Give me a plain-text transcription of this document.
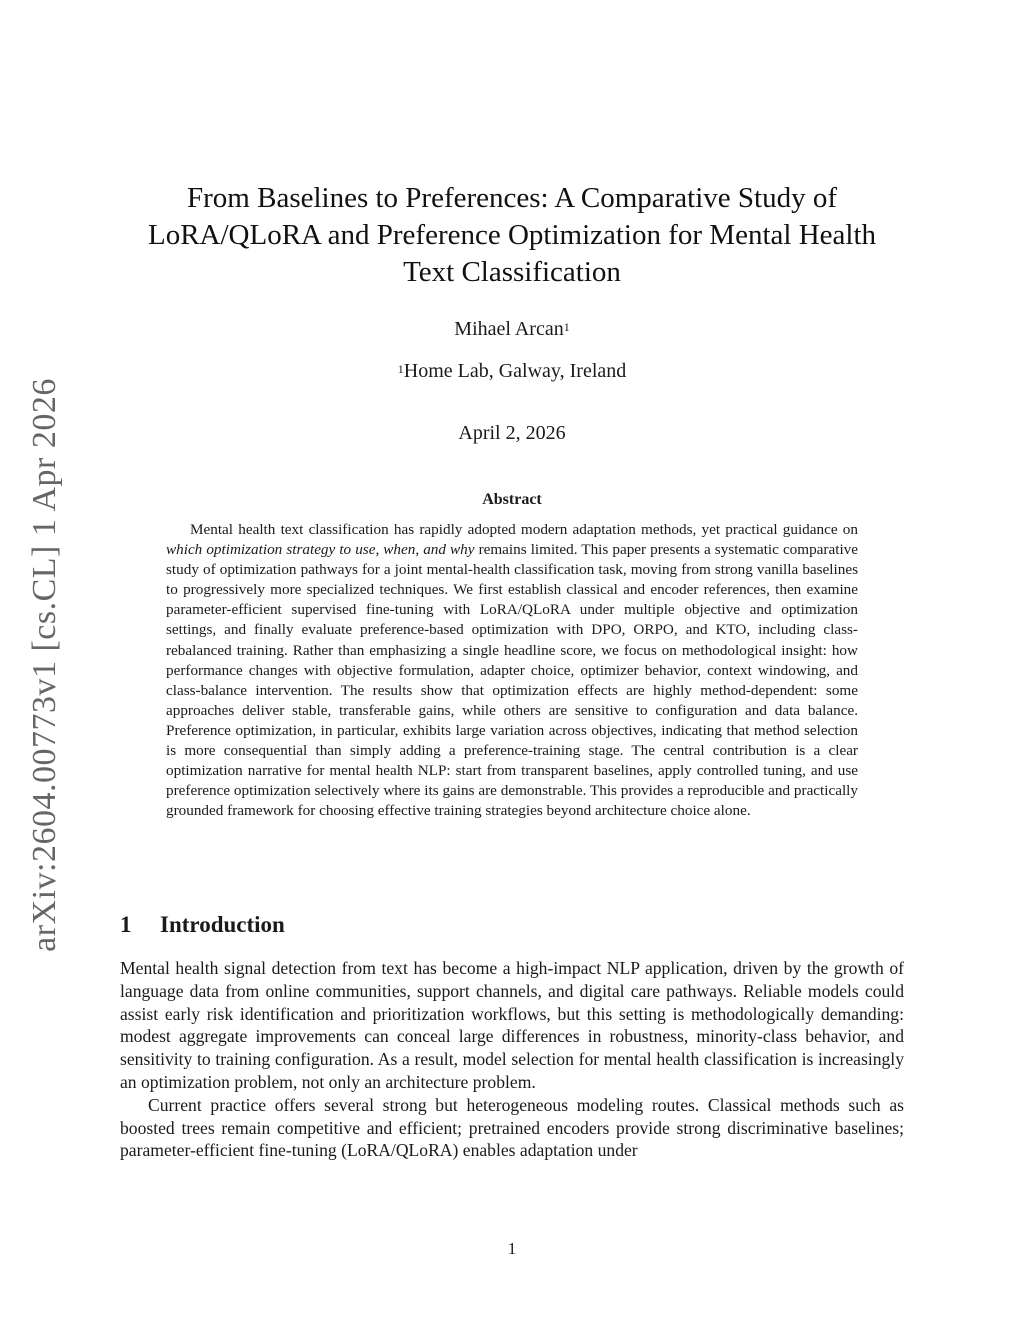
arXiv:2604.00773v1 [cs.CL] 1 Apr 2026
From Baselines to Preferences: A Comparative Study of
LoRA/QLoRA and Preference Optimization for Mental Health
Text Classification
Mihael Arcan$^1$
$^1$Home Lab, Galway, Ireland
April 2, 2026
Abstract
Mental health text classification has rapidly adopted modern adaptation methods, yet practical guidance on which optimization strategy to use, when, and why remains limited. This paper presents a systematic comparative study of optimization pathways for a joint mental-health classification task, moving from strong vanilla baselines to progressively more specialized techniques. We first establish classical and encoder references, then examine parameter-efficient supervised fine-tuning with LoRA/QLoRA under multiple objective and optimization settings, and finally evaluate preference-based optimization with DPO, ORPO, and KTO, including class-rebalanced training. Rather than emphasizing a single headline score, we focus on methodological insight: how performance changes with objective formulation, adapter choice, optimizer behavior, context windowing, and class-balance intervention. The results show that optimization effects are highly method-dependent: some approaches deliver stable, transferable gains, while others are sensitive to configuration and data balance. Preference optimization, in particular, exhibits large variation across objectives, indicating that method selection is more consequential than simply adding a preference-training stage. The central contribution is a clear optimization narrative for mental health NLP: start from transparent baselines, apply controlled tuning, and use preference optimization selectively where its gains are demonstrable. This provides a reproducible and practically grounded framework for choosing effective training strategies beyond architecture choice alone.
1 Introduction

Mental health signal detection from text has become a high-impact NLP application, driven by the growth of language data from online communities, support channels, and digital care pathways. Reliable models could assist early risk identification and prioritization workflows, but this setting is methodologically demanding: modest aggregate improvements can conceal large differences in robustness, minority-class behavior, and sensitivity to training configuration. As a result, model selection for mental health classification is increasingly an optimization problem, not only an architecture problem.

Current practice offers several strong but heterogeneous modeling routes. Classical methods such as boosted trees remain competitive and efficient; pretrained encoders provide strong discriminative baselines; parameter-efficient fine-tuning (LoRA/QLoRA) enables adaptation under

1
